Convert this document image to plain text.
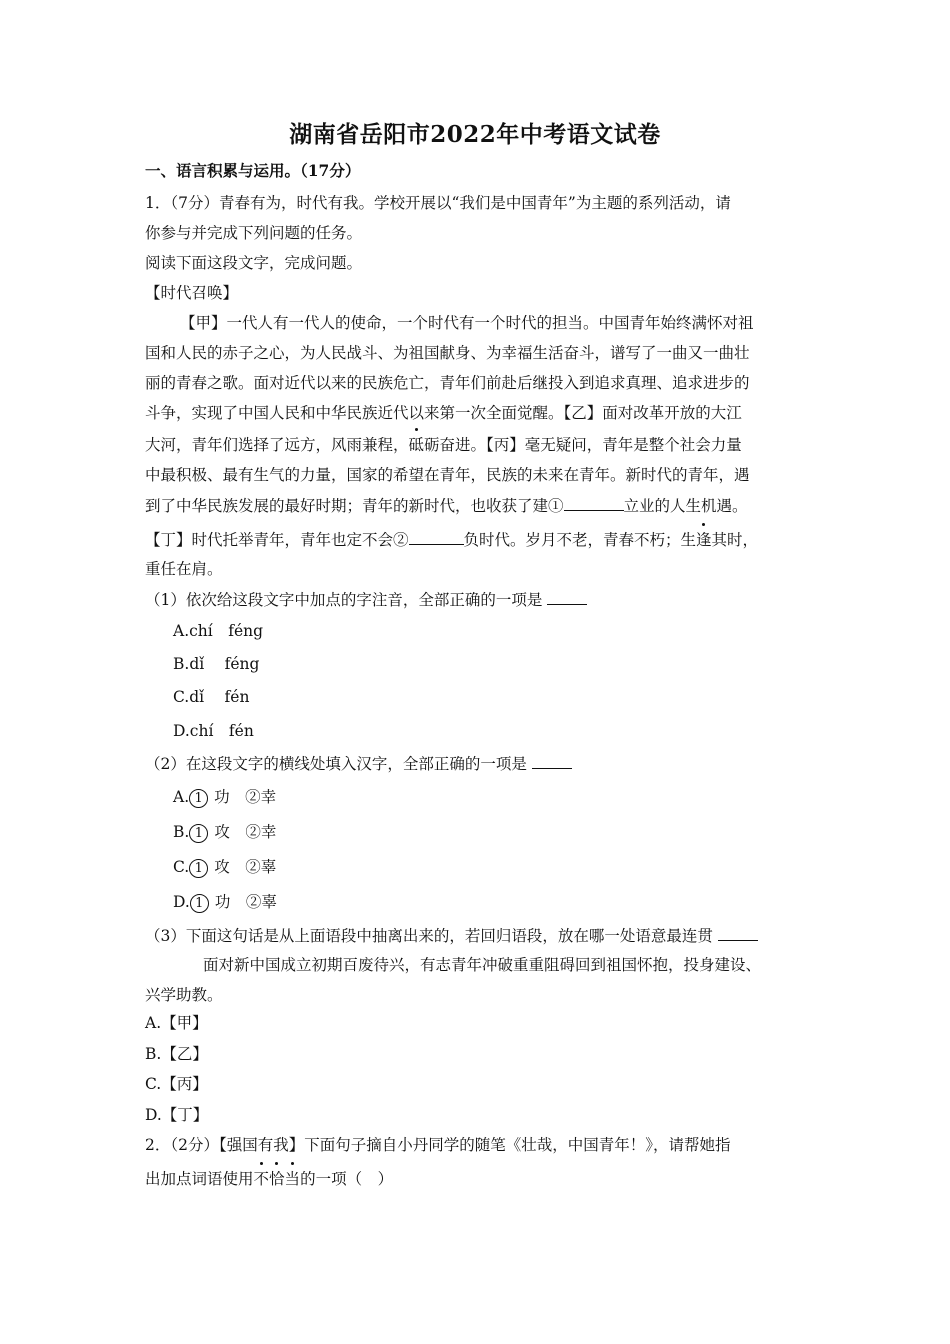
湖南省岳阳市2022年中考语文试卷
一、语言积累与运用。（17分）
1．（7分）青春有为，时代有我。学校开展以“我们是中国青年”为主题的系列活动，请
你参与并完成下列问题的任务。
阅读下面这段文字，完成问题。
【时代召唤】
【甲】一代人有一代人的使命，一个时代有一个时代的担当。中国青年始终满怀对祖
国和人民的赤子之心，为人民战斗、为祖国献身、为幸福生活奋斗，谱写了一曲又一曲壮
丽的青春之歌。面对近代以来的民族危亡，青年们前赴后继投入到追求真理、追求进步的
斗争，实现了中国人民和中华民族近代以来第一次全面觉醒。【乙】面对改革开放的大江
大河，青年们选择了远方，风雨兼程，砥砺奋进。【丙】毫无疑问，青年是整个社会力量
中最积极、最有生气的力量，国家的希望在青年，民族的未来在青年。新时代的青年，遇
到了中华民族发展的最好时期；青年的新时代，也收获了建①	立业的人生机遇。
【丁】时代托举青年，青年也定不会②	负时代。岁月不老，青春不朽；生逢其时，
重任在肩。
（1）依次给这段文字中加点的字注音，全部正确的一项是
A.chí　féng
B.dǐ　 féng
C.dǐ　 fén
D.chí　fén
（2）在这段文字的横线处填入汉字，全部正确的一项是
A. 1 功　 ②幸
B. 1 攻　 ②幸
C. 1 攻　 ②辜
D. 1 功　 ②辜
（3）下面这句话是从上面语段中抽离出来的，若回归语段，放在哪一处语意最连贯
面对新中国成立初期百废待兴，有志青年冲破重重阻碍回到祖国怀抱，投身建设、
兴学助教。
A.【甲】
B.【乙】
C.【丙】
D.【丁】
2．（2分）【强国有我】下面句子摘自小丹同学的随笔《壮哉，中国青年！》，请帮她指
出加点词语使用不恰当的一项（　）
